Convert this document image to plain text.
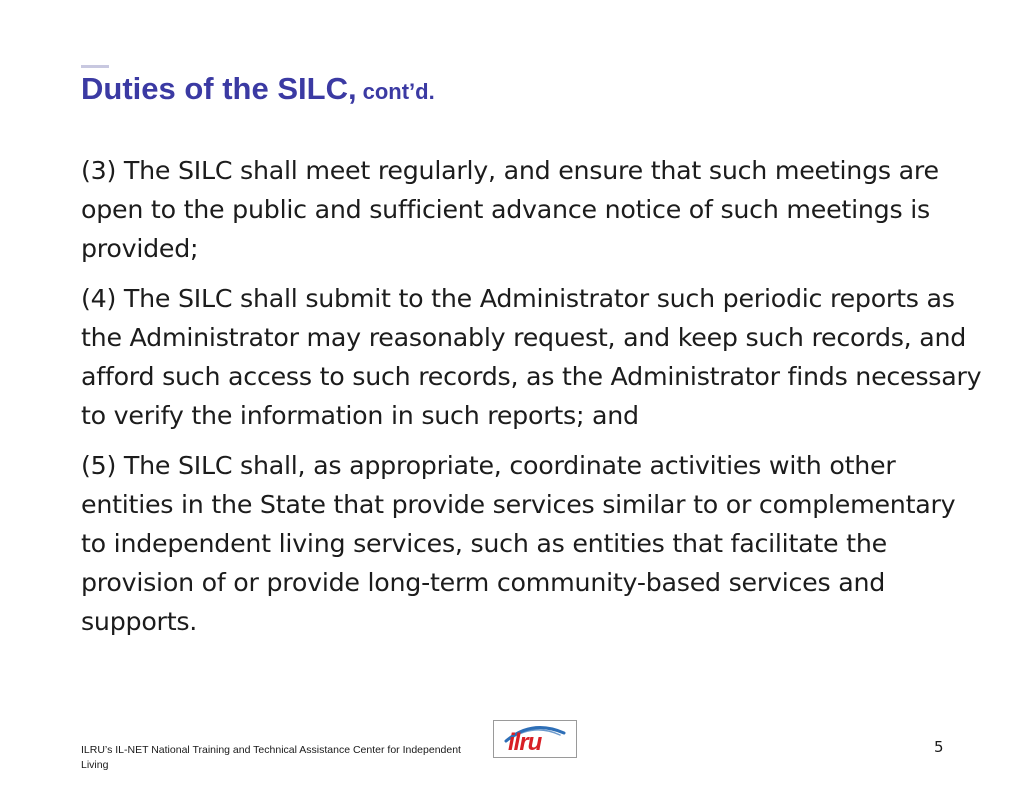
Duties of the SILC, cont’d.

(3) The SILC shall meet regularly, and ensure that such meetings are open to the public and sufficient advance notice of such meetings is provided;

(4) The SILC shall submit to the Administrator such periodic reports as the Administrator may reasonably request, and keep such records, and afford such access to such records, as the Administrator finds necessary to verify the information in such reports; and

(5) The SILC shall, as appropriate, coordinate activities with other entities in the State that provide services similar to or complementary to independent living services, such as entities that facilitate the provision of or provide long-term community-based services and supports.

ILRU’s IL-NET National Training and Technical Assistance Center for Independent Living
ilru	5
